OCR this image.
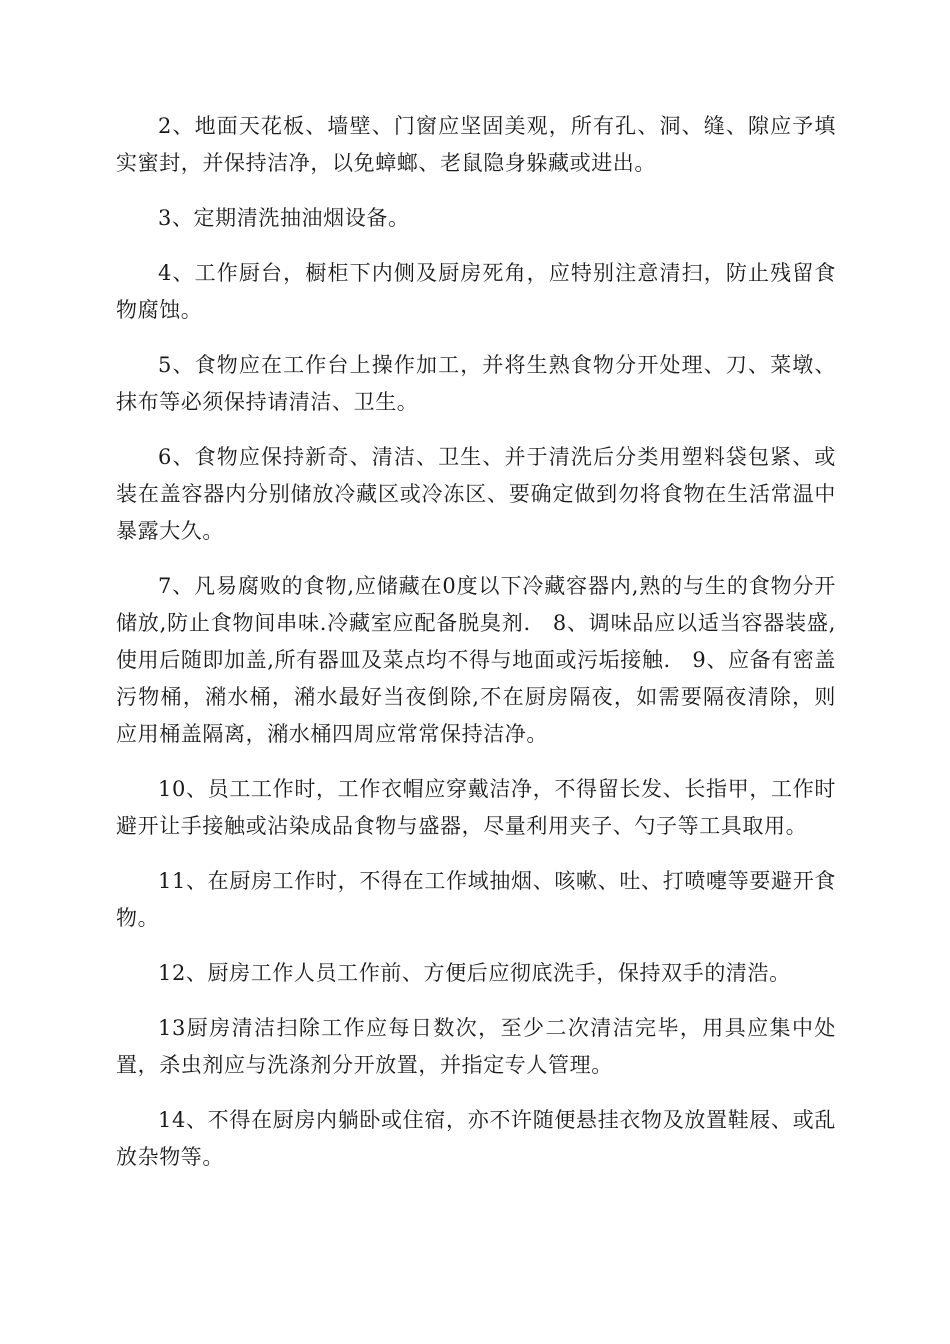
2、地面天花板、墙壁、门窗应坚固美观，所有孔、洞、缝、隙应予填实蜜封，并保持洁净，以免蟑螂、老鼠隐身躲藏或进出。

3、定期清洗抽油烟设备。

4、工作厨台，橱柜下内侧及厨房死角，应特别注意清扫，防止残留食物腐蚀。

5、食物应在工作台上操作加工，并将生熟食物分开处理、刀、菜墩、抹布等必须保持请清洁、卫生。

6、食物应保持新奇、清洁、卫生、并于清洗后分类用塑料袋包紧、或装在盖容器内分别储放冷藏区或冷冻区、要确定做到勿将食物在生活常温中暴露大久。

7、凡易腐败的食物,应储藏在0度以下冷藏容器内,熟的与生的食物分开储放,防止食物间串味.冷藏室应配备脱臭剂.　8、调味品应以适当容器装盛,使用后随即加盖,所有器皿及菜点均不得与地面或污垢接触.　9、应备有密盖污物桶，潲水桶，潲水最好当夜倒除,不在厨房隔夜，如需要隔夜清除，则应用桶盖隔离，潲水桶四周应常常保持洁净。

10、员工工作时，工作衣帽应穿戴洁净，不得留长发、长指甲，工作时避开让手接触或沾染成品食物与盛器，尽量利用夹子、勺子等工具取用。

11、在厨房工作时，不得在工作域抽烟、咳嗽、吐、打喷嚏等要避开食物。

12、厨房工作人员工作前、方便后应彻底洗手，保持双手的清浩。

13厨房清洁扫除工作应每日数次，至少二次清洁完毕，用具应集中处置，杀虫剂应与洗涤剂分开放置，并指定专人管理。

14、不得在厨房内躺卧或住宿，亦不许随便悬挂衣物及放置鞋屐、或乱放杂物等。
